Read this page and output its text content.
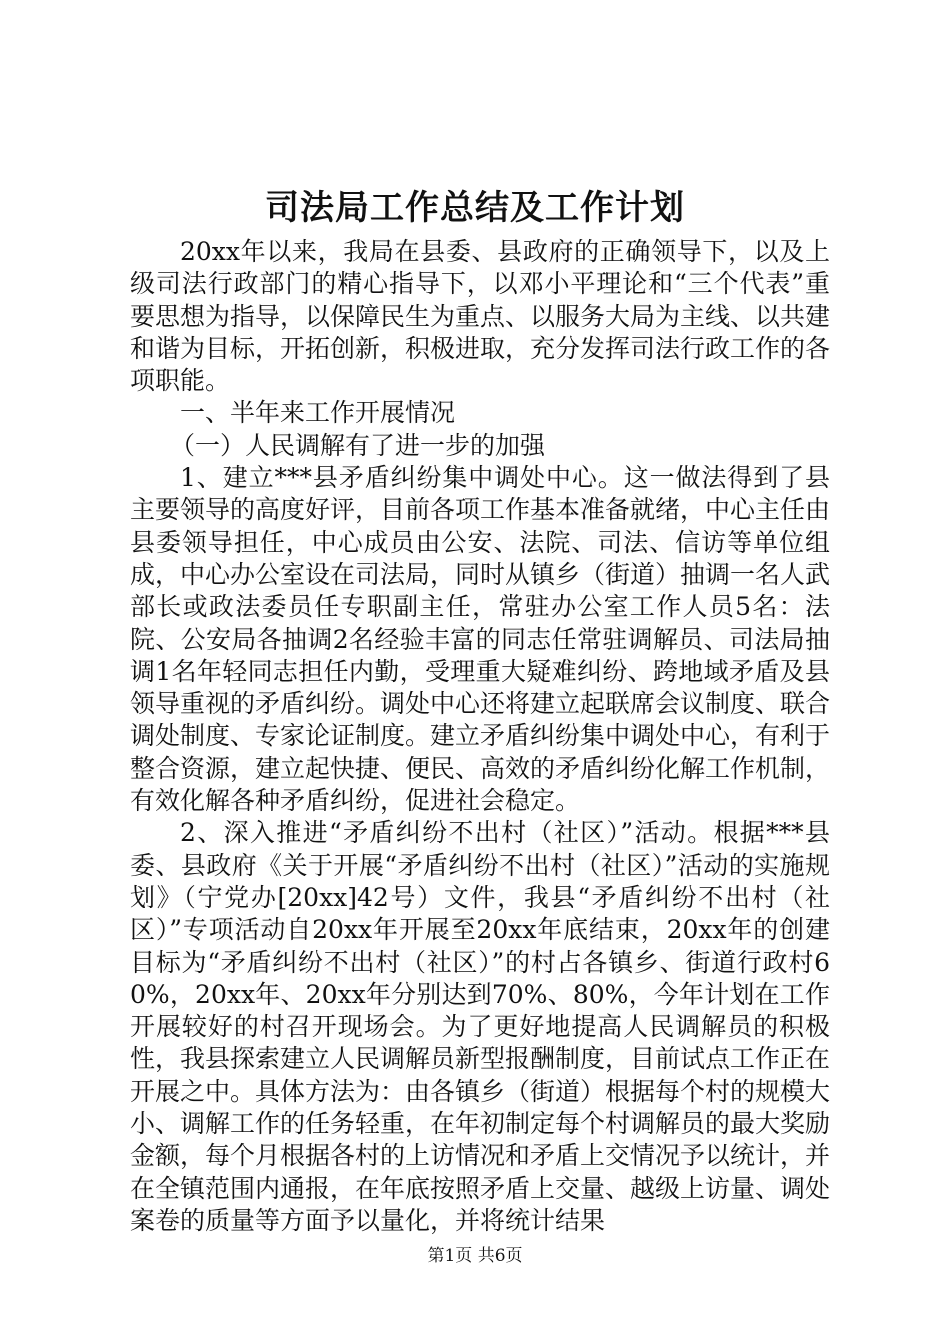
司法局工作总结及工作计划

20xx年以来，我局在县委、县政府的正确领导下，以及上级司法行政部门的精心指导下，以邓小平理论和“三个代表”重要思想为指导，以保障民生为重点、以服务大局为主线、以共建和谐为目标，开拓创新，积极进取，充分发挥司法行政工作的各项职能。

一、半年来工作开展情况

（一）人民调解有了进一步的加强

1、建立***县矛盾纠纷集中调处中心。这一做法得到了县主要领导的高度好评，目前各项工作基本准备就绪，中心主任由县委领导担任，中心成员由公安、法院、司法、信访等单位组成，中心办公室设在司法局，同时从镇乡（街道）抽调一名人武部长或政法委员任专职副主任，常驻办公室工作人员5名：法院、公安局各抽调2名经验丰富的同志任常驻调解员、司法局抽调1名年轻同志担任内勤，受理重大疑难纠纷、跨地域矛盾及县领导重视的矛盾纠纷。调处中心还将建立起联席会议制度、联合调处制度、专家论证制度。建立矛盾纠纷集中调处中心，有利于整合资源，建立起快捷、便民、高效的矛盾纠纷化解工作机制，有效化解各种矛盾纠纷，促进社会稳定。

2、深入推进“矛盾纠纷不出村（社区）”活动。根据***县委、县政府《关于开展“矛盾纠纷不出村（社区）”活动的实施规划》（宁党办[20xx]42号）文件，我县“矛盾纠纷不出村（社区）”专项活动自20xx年开展至20xx年底结束，20xx年的创建目标为“矛盾纠纷不出村（社区）”的村占各镇乡、街道行政村60%，20xx年、20xx年分别达到70%、80%，今年计划在工作开展较好的村召开现场会。为了更好地提高人民调解员的积极性，我县探索建立人民调解员新型报酬制度，目前试点工作正在开展之中。具体方法为：由各镇乡（街道）根据每个村的规模大小、调解工作的任务轻重，在年初制定每个村调解员的最大奖励金额，每个月根据各村的上访情况和矛盾上交情况予以统计，并在全镇范围内通报，在年底按照矛盾上交量、越级上访量、调处案卷的质量等方面予以量化，并将统计结果

第1页 共6页
